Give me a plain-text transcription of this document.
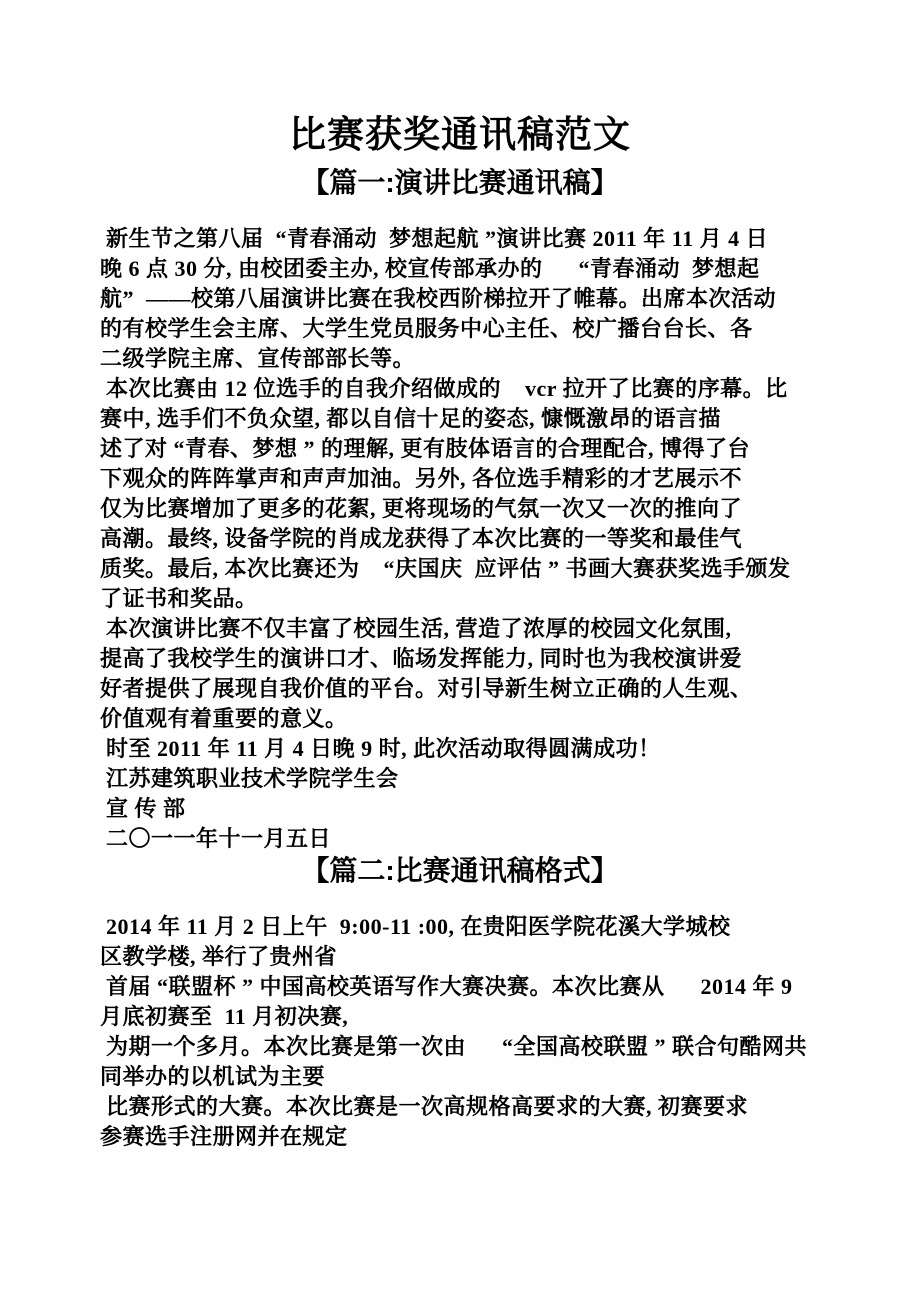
比赛获奖通讯稿范文
【篇一:演讲比赛通讯稿】
新生节之第八届  “青春涌动  梦想起航 ”演讲比赛 2011 年 11 月 4 日
晚 6 点 30 分, 由校团委主办, 校宣传部承办的      “青春涌动  梦想起
航”  ——校第八届演讲比赛在我校西阶梯拉开了帷幕。出席本次活动
的有校学生会主席、大学生党员服务中心主任、校广播台台长、各
二级学院主席、宣传部部长等。
本次比赛由 12 位选手的自我介绍做成的    vcr 拉开了比赛的序幕。比
赛中, 选手们不负众望, 都以自信十足的姿态, 慷慨激昂的语言描
述了对 “青春、梦想 ” 的理解, 更有肢体语言的合理配合, 博得了台
下观众的阵阵掌声和声声加油。另外, 各位选手精彩的才艺展示不
仅为比赛增加了更多的花絮, 更将现场的气氛一次又一次的推向了
高潮。最终, 设备学院的肖成龙获得了本次比赛的一等奖和最佳气
质奖。最后, 本次比赛还为    “庆国庆  应评估 ” 书画大赛获奖选手颁发
了证书和奖品。
本次演讲比赛不仅丰富了校园生活, 营造了浓厚的校园文化氛围,
提高了我校学生的演讲口才、临场发挥能力, 同时也为我校演讲爱
好者提供了展现自我价值的平台。对引导新生树立正确的人生观、
价值观有着重要的意义。
时至 2011 年 11 月 4 日晚 9 时, 此次活动取得圆满成功！
江苏建筑职业技术学院学生会
宣 传 部
二〇一一年十一月五日
【篇二:比赛通讯稿格式】
2014 年 11 月 2 日上午  9:00-11 :00, 在贵阳医学院花溪大学城校
区教学楼, 举行了贵州省
首届 “联盟杯 ” 中国高校英语写作大赛决赛。本次比赛从      2014 年 9
月底初赛至  11 月初决赛,
为期一个多月。本次比赛是第一次由      “全国高校联盟 ” 联合句酷网共
同举办的以机试为主要
比赛形式的大赛。本次比赛是一次高规格高要求的大赛, 初赛要求
参赛选手注册网并在规定
